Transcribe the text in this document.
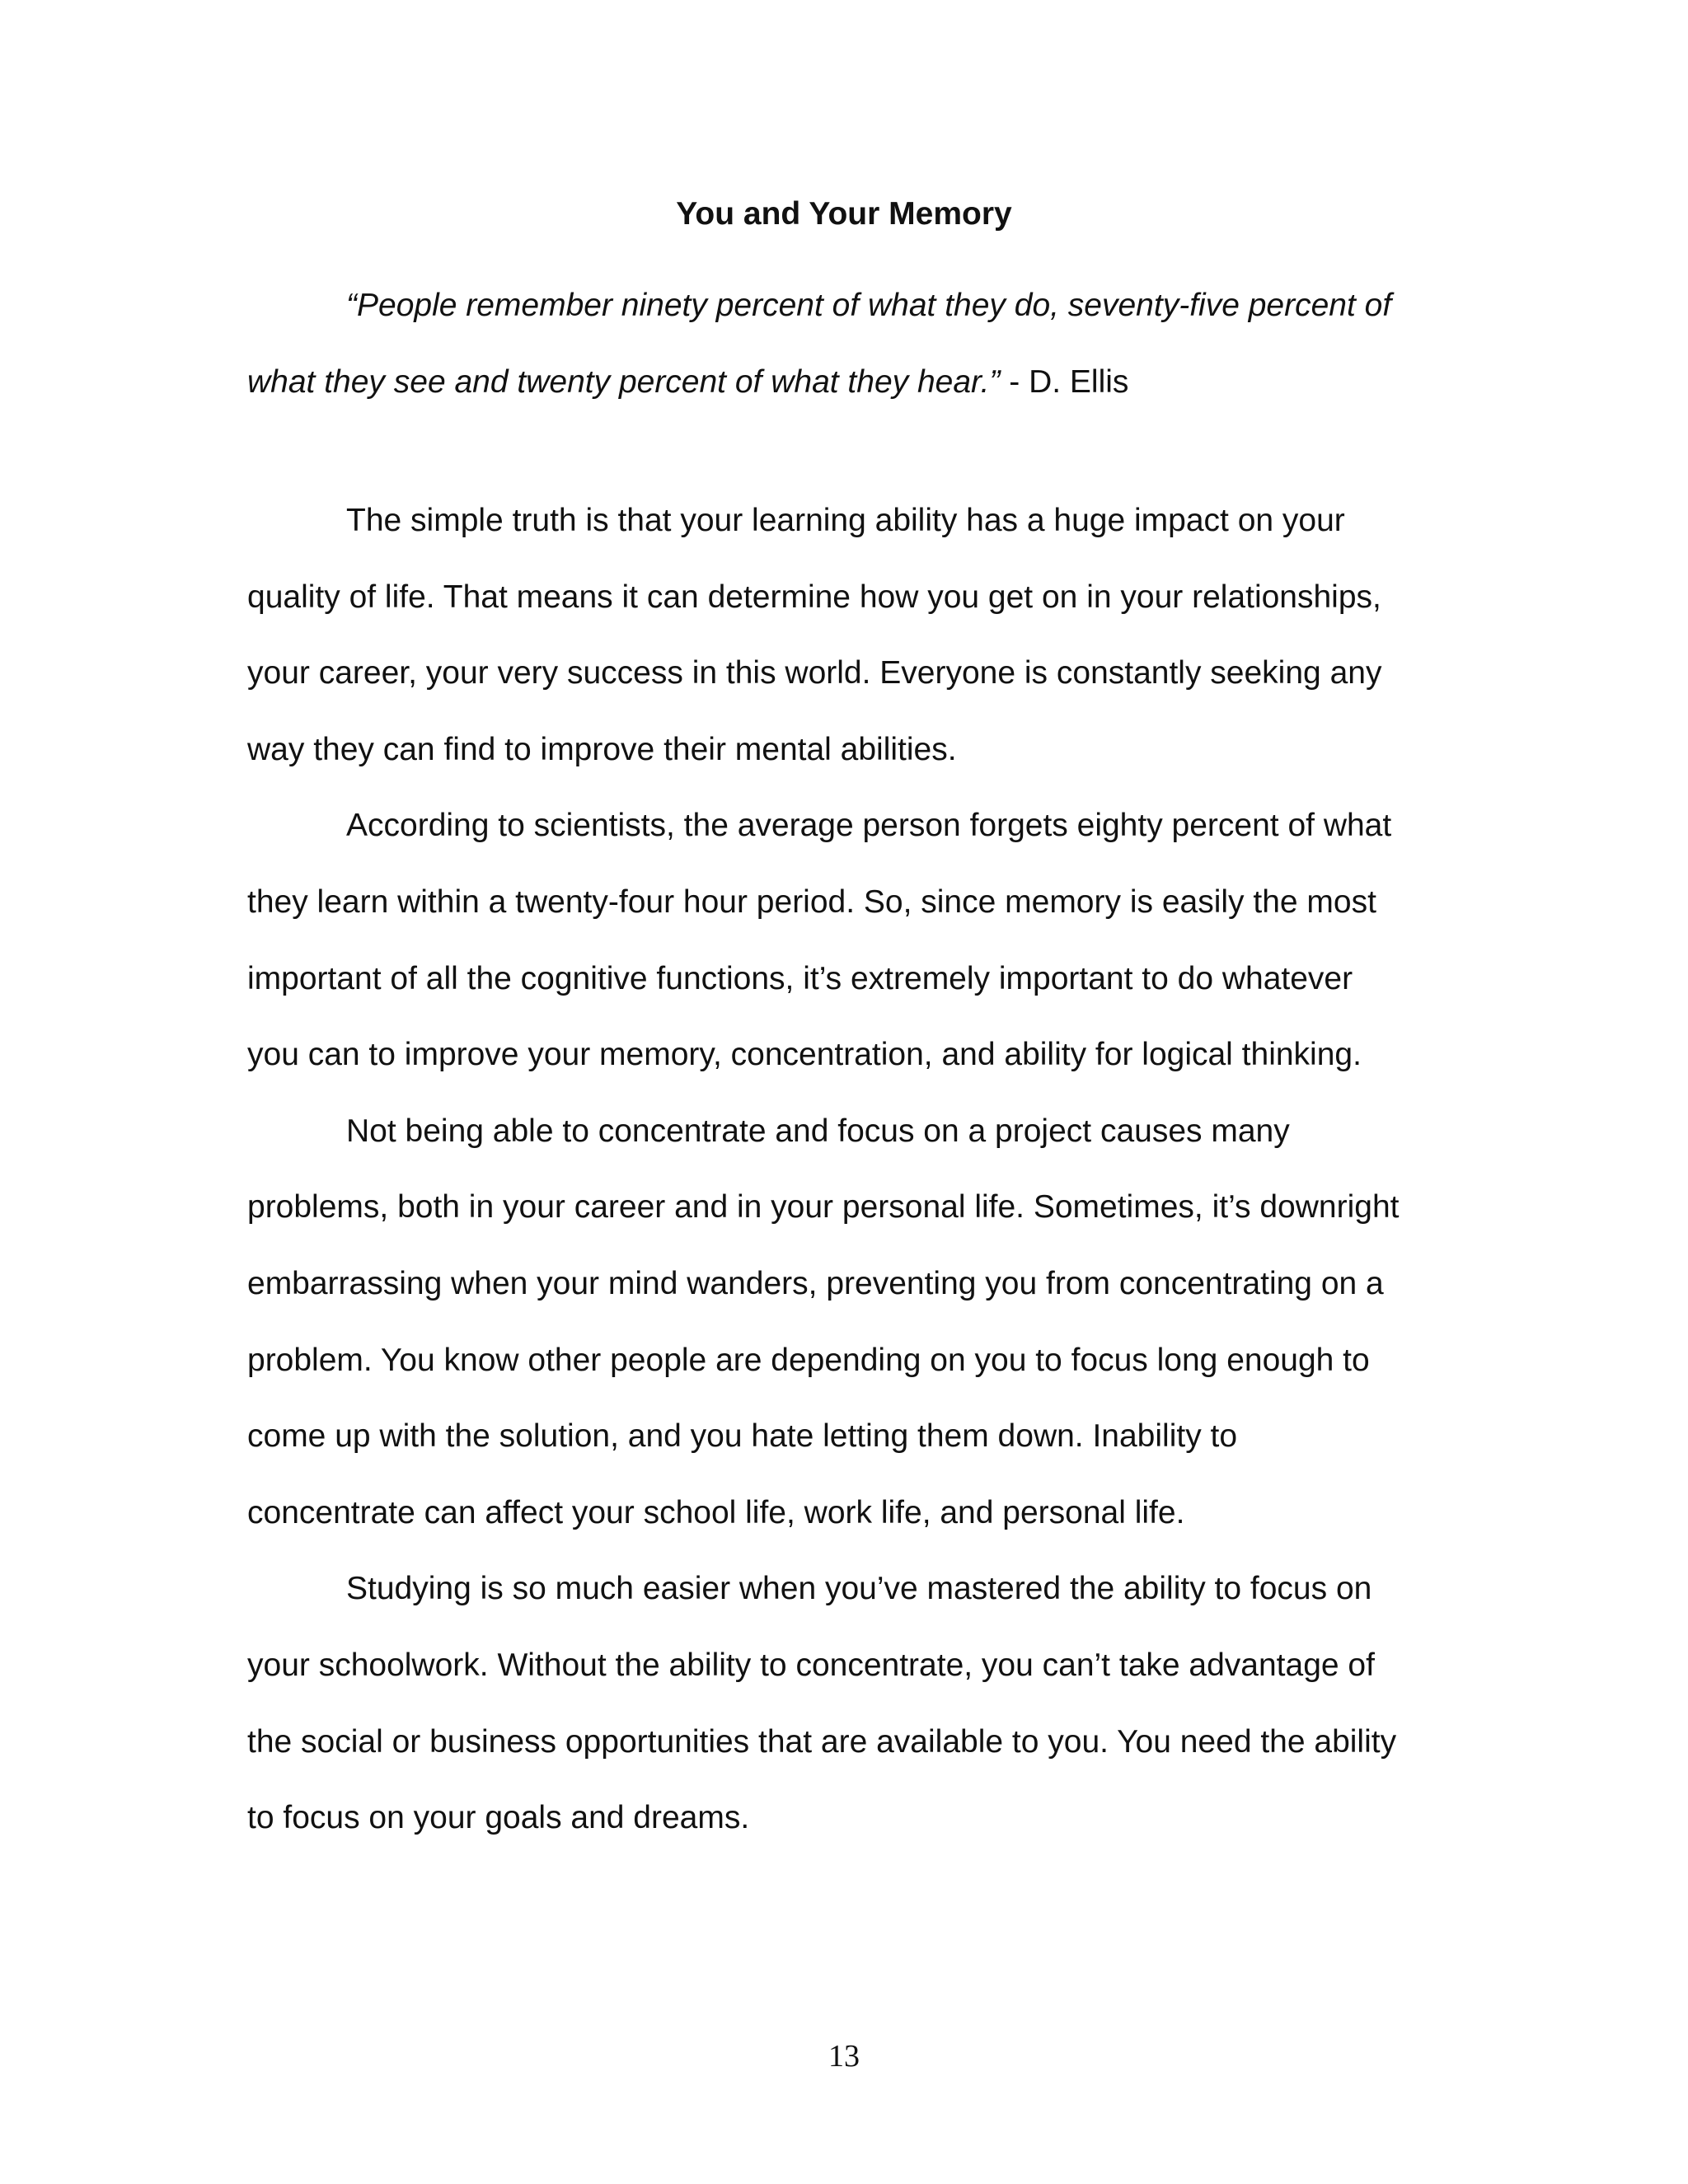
You and Your Memory
“People remember ninety percent of what they do, seventy-five percent of
what they see and twenty percent of what they hear.” - D. Ellis
The simple truth is that your learning ability has a huge impact on your
quality of life. That means it can determine how you get on in your relationships,
your career, your very success in this world. Everyone is constantly seeking any
way they can find to improve their mental abilities.
According to scientists, the average person forgets eighty percent of what
they learn within a twenty-four hour period. So, since memory is easily the most
important of all the cognitive functions, it’s extremely important to do whatever
you can to improve your memory, concentration, and ability for logical thinking.
Not being able to concentrate and focus on a project causes many
problems, both in your career and in your personal life. Sometimes, it’s downright
embarrassing when your mind wanders, preventing you from concentrating on a
problem. You know other people are depending on you to focus long enough to
come up with the solution, and you hate letting them down. Inability to
concentrate can affect your school life, work life, and personal life.
Studying is so much easier when you’ve mastered the ability to focus on
your schoolwork. Without the ability to concentrate, you can’t take advantage of
the social or business opportunities that are available to you. You need the ability
to focus on your goals and dreams.
13
